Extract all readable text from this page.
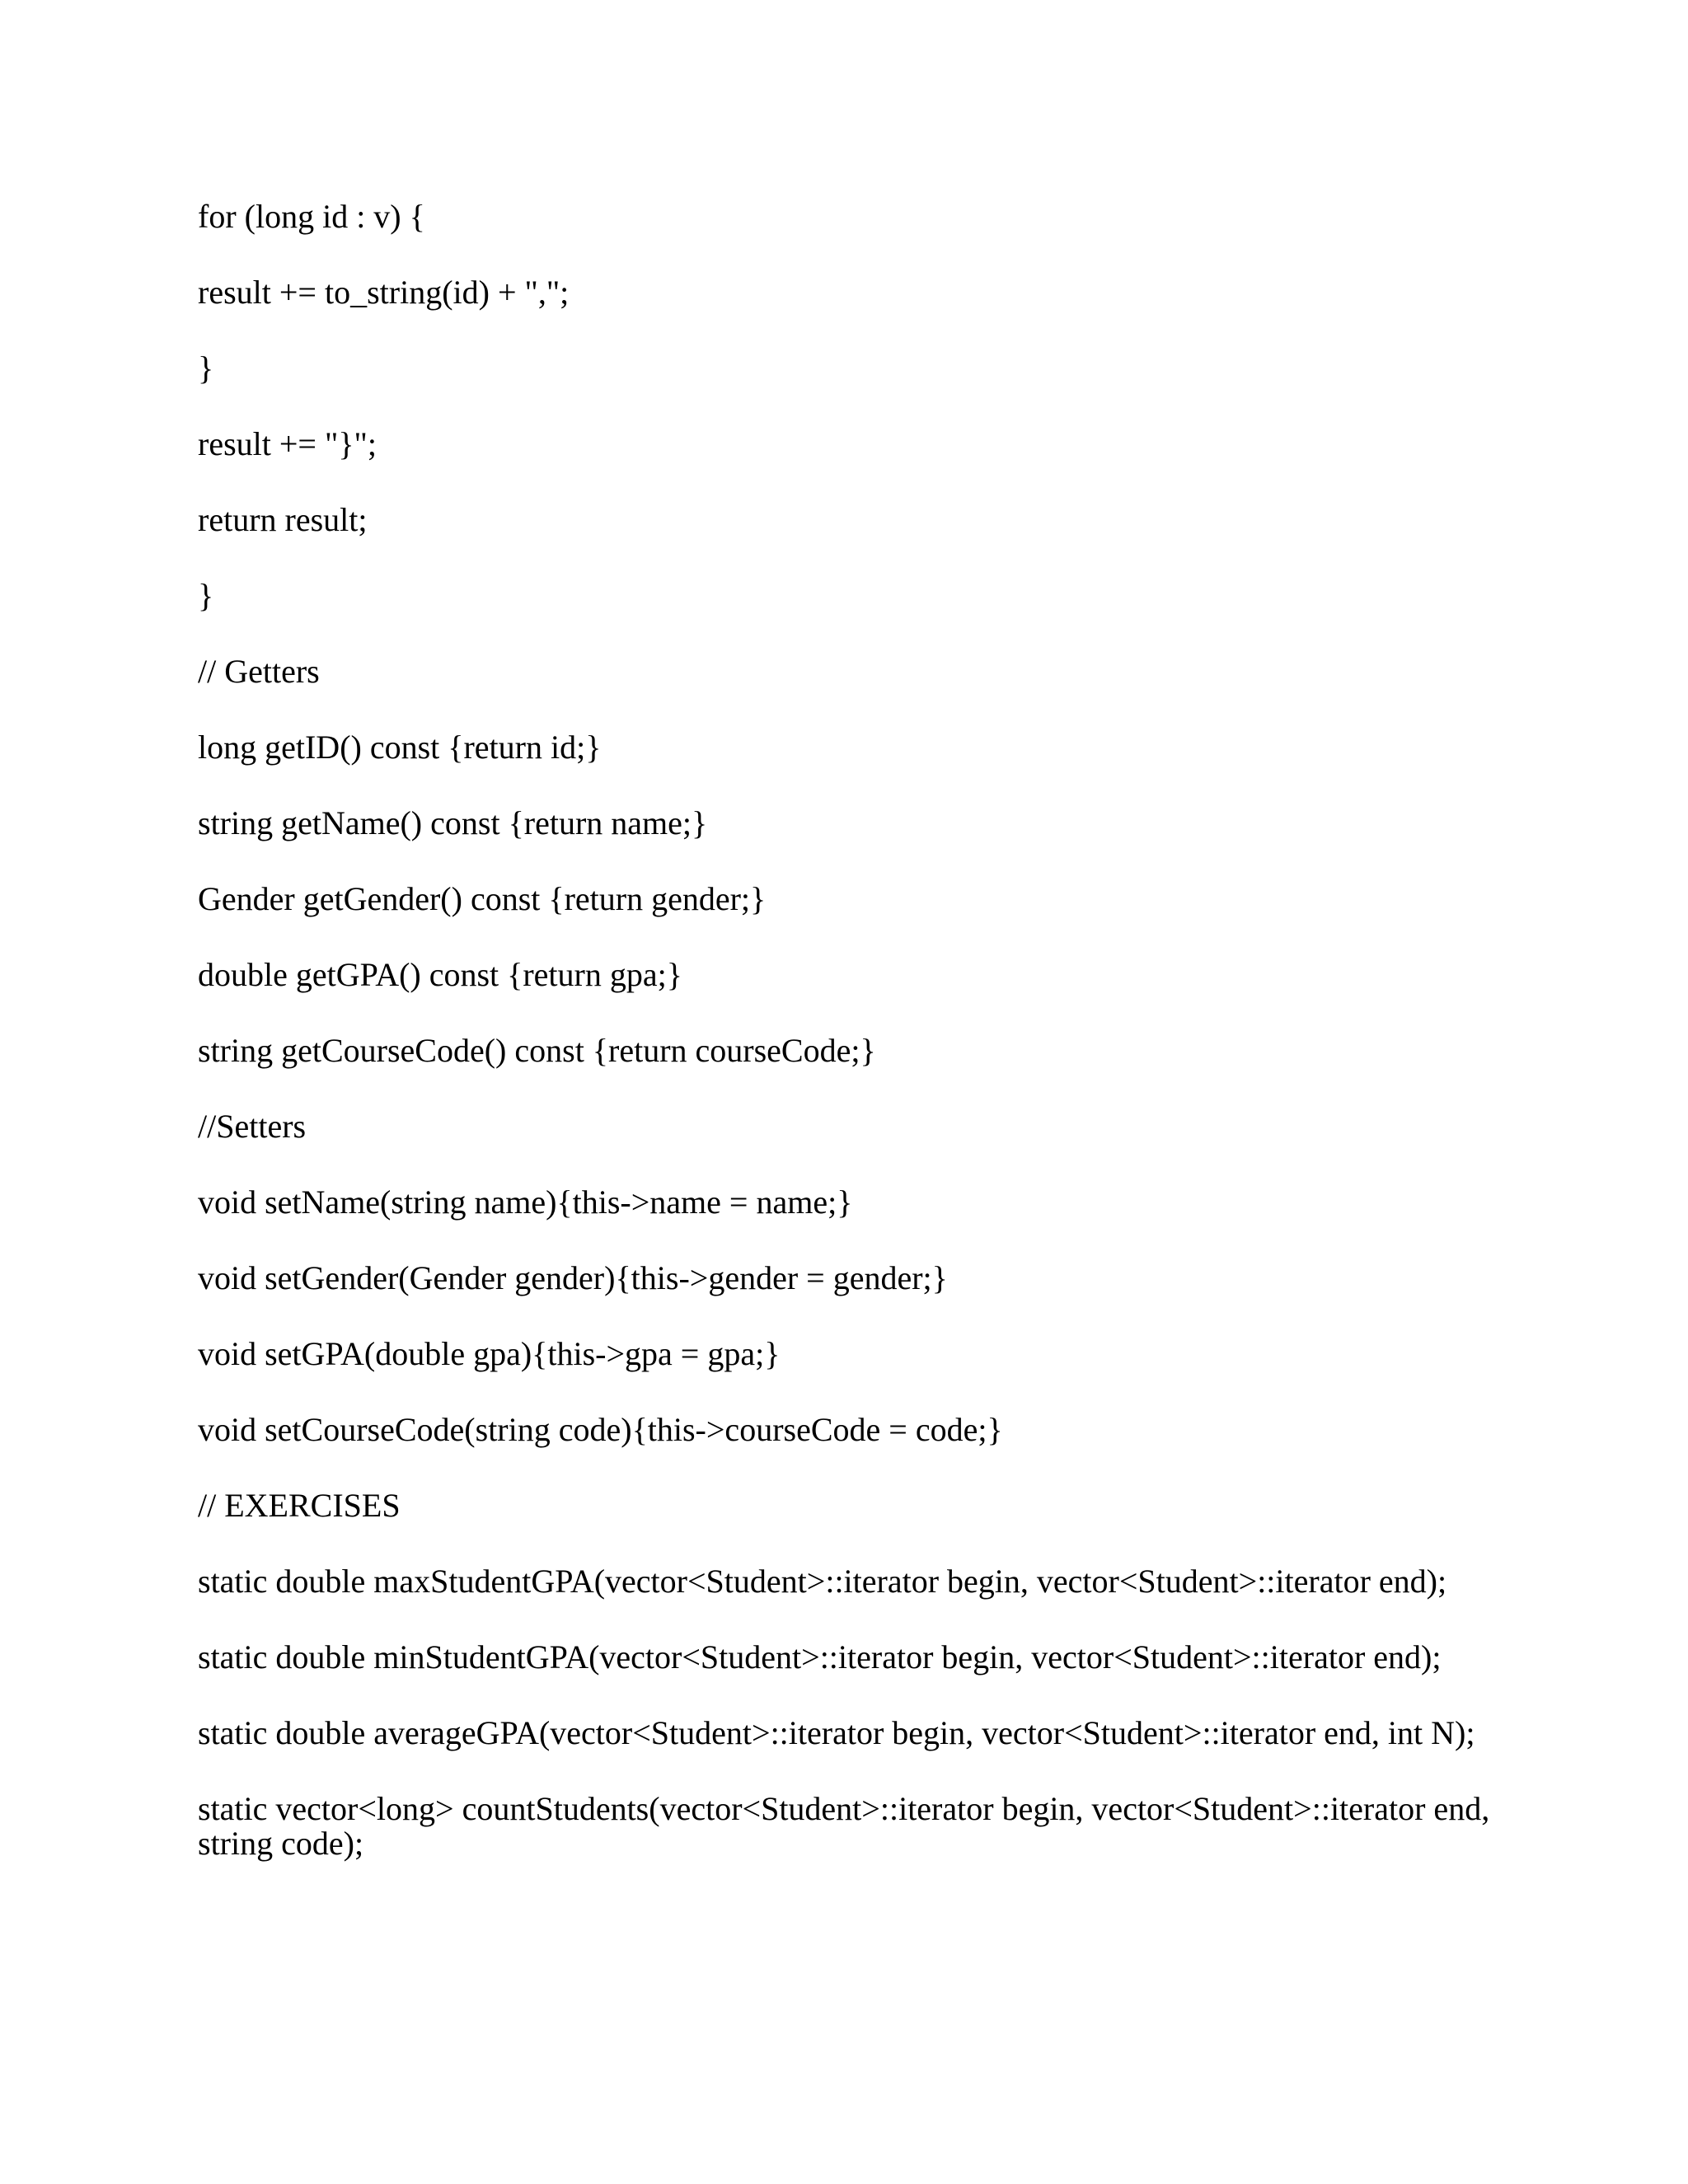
for (long id : v) {
result += to_string(id) + ",";
}
result += "}";
return result;
}
// Getters
long getID() const {return id;}
string getName() const {return name;}
Gender getGender() const {return gender;}
double getGPA() const {return gpa;}
string getCourseCode() const {return courseCode;}
//Setters
void setName(string name){this->name = name;}
void setGender(Gender gender){this->gender = gender;}
void setGPA(double gpa){this->gpa = gpa;}
void setCourseCode(string code){this->courseCode = code;}
// EXERCISES
static double maxStudentGPA(vector<Student>::iterator begin, vector<Student>::iterator end);
static double minStudentGPA(vector<Student>::iterator begin, vector<Student>::iterator end);
static double averageGPA(vector<Student>::iterator begin, vector<Student>::iterator end, int N);
static vector<long> countStudents(vector<Student>::iterator begin, vector<Student>::iterator end, string code);
